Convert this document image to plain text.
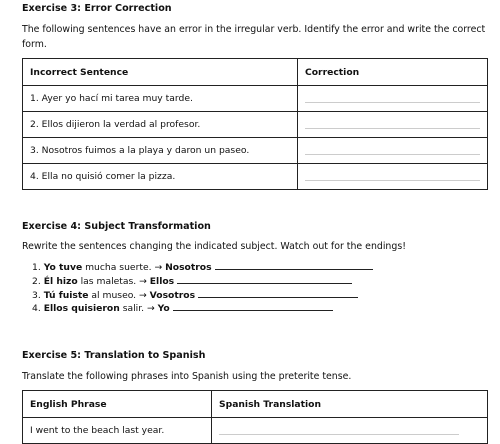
Exercise 3: Error Correction

The following sentences have an error in the irregular verb. Identify the error and write the correct form.

Incorrect Sentence	Correction
1. Ayer yo hací mi tarea muy tarde.	
2. Ellos dijieron la verdad al profesor.	
3. Nosotros fuimos a la playa y daron un paseo.	
4. Ella no quisió comer la pizza.	
Exercise 4: Subject Transformation

Rewrite the sentences changing the indicated subject. Watch out for the endings!

1. Yo tuve mucha suerte. → Nosotros
2. Él hizo las maletas. → Ellos
3. Tú fuiste al museo. → Vosotros
4. Ellos quisieron salir. → Yo
Exercise 5: Translation to Spanish

Translate the following phrases into Spanish using the preterite tense.

English Phrase	Spanish Translation
I went to the beach last year.	
